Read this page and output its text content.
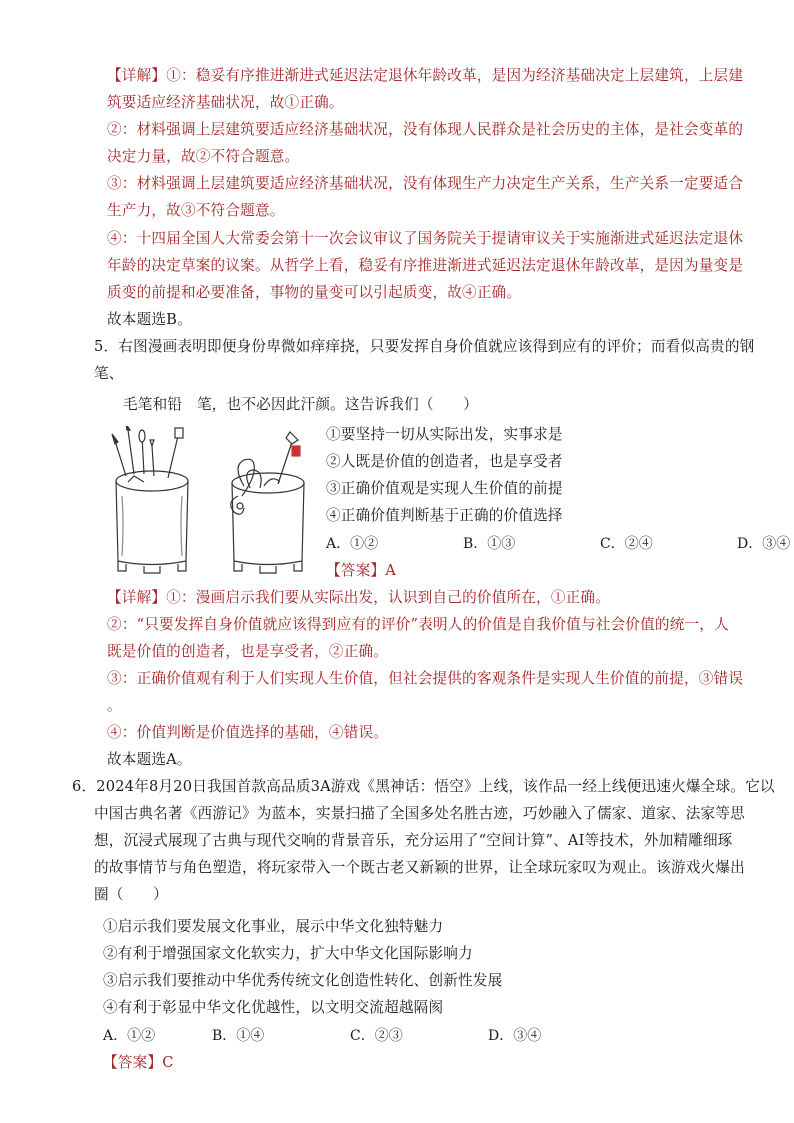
【详解】①：稳妥有序推进渐进式延迟法定退休年龄改革，是因为经济基础决定上层建筑，上层建
筑要适应经济基础状况，故①正确。
②：材料强调上层建筑要适应经济基础状况，没有体现人民群众是社会历史的主体，是社会变革的
决定力量，故②不符合题意。
③：材料强调上层建筑要适应经济基础状况，没有体现生产力决定生产关系，生产关系一定要适合
生产力，故③不符合题意。
④：十四届全国人大常委会第十一次会议审议了国务院关于提请审议关于实施渐进式延迟法定退休
年龄的决定草案的议案。从哲学上看，稳妥有序推进渐进式延迟法定退休年龄改革，是因为量变是
质变的前提和必要准备，事物的量变可以引起质变，故④正确。
故本题选B。
5．右图漫画表明即便身份卑微如痒痒挠，只要发挥自身价值就应该得到应有的评价；而看似高贵的钢
笔、
毛笔和铅　笔，也不必因此汗颜。这告诉我们（　　）
①要坚持一切从实际出发，实事求是
②人既是价值的创造者，也是享受者
③正确价值观是实现人生价值的前提
④正确价值判断基于正确的价值选择
A．①②	B．①③	C．②④	D．③④
【答案】A
【详解】①：漫画启示我们要从实际出发，认识到自己的价值所在，①正确。
②：“只要发挥自身价值就应该得到应有的评价”表明人的价值是自我价值与社会价值的统一，人
既是价值的创造者，也是享受者，②正确。
③：正确价值观有利于人们实现人生价值，但社会提供的客观条件是实现人生价值的前提，③错误
。
④：价值判断是价值选择的基础，④错误。
故本题选A。
6．2024年8月20日我国首款高品质3A游戏《黑神话：悟空》上线，该作品一经上线便迅速火爆全球。它以
中国古典名著《西游记》为蓝本，实景扫描了全国多处名胜古迹，巧妙融入了儒家、道家、法家等思
想，沉浸式展现了古典与现代交响的背景音乐，充分运用了“空间计算”、AI等技术，外加精雕细琢
的故事情节与角色塑造，将玩家带入一个既古老又新颖的世界，让全球玩家叹为观止。该游戏火爆出
圈（　　）
①启示我们要发展文化事业，展示中华文化独特魅力
②有利于增强国家文化软实力，扩大中华文化国际影响力
③启示我们要推动中华优秀传统文化创造性转化、创新性发展
④有利于彰显中华文化优越性，以文明交流超越隔阂
A．①②	B．①④	C．②③	D．③④
【答案】C
